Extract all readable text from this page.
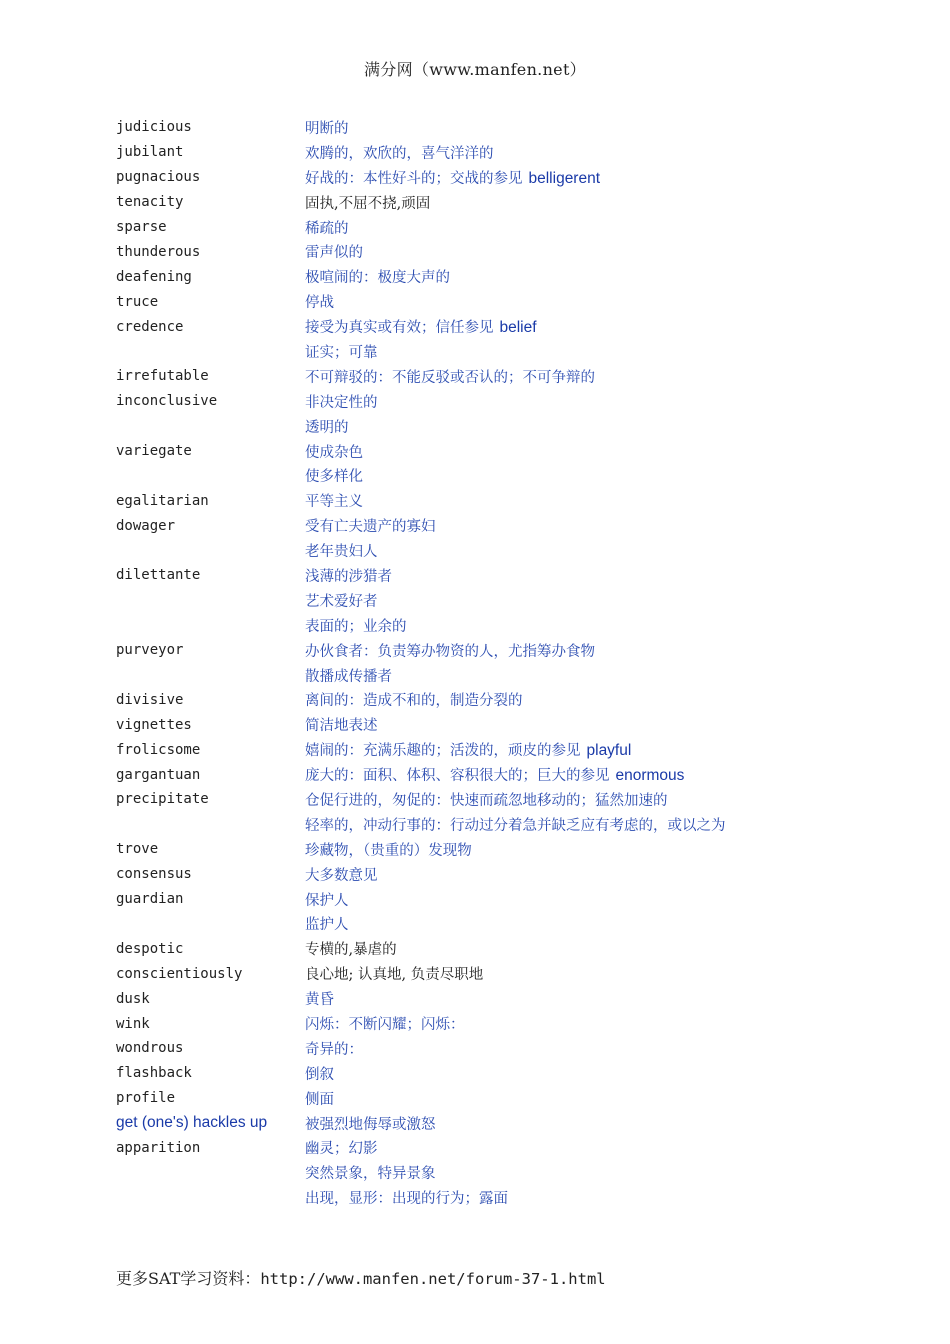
满分网（www.manfen.net）
judicious	明断的
jubilant	欢腾的，欢欣的，喜气洋洋的
pugnacious	好战的：本性好斗的；交战的参见 belligerent
tenacity	固执,不屈不挠,顽固
sparse	稀疏的
thunderous	雷声似的
deafening	极喧闹的：极度大声的
truce	停战
credence	接受为真实或有效；信任参见 belief
证实；可靠
irrefutable	不可辩驳的：不能反驳或否认的；不可争辩的
inconclusive	非决定性的
透明的
variegate	使成杂色
使多样化
egalitarian	平等主义
dowager	受有亡夫遗产的寡妇
老年贵妇人
dilettante	浅薄的涉猎者
艺术爱好者
表面的；业余的
purveyor	办伙食者：负责筹办物资的人，尤指筹办食物
散播成传播者
divisive	离间的：造成不和的，制造分裂的
vignettes	简洁地表述
frolicsome	嬉闹的：充满乐趣的；活泼的，顽皮的参见 playful
gargantuan	庞大的：面积、体积、容积很大的；巨大的参见 enormous
precipitate	仓促行进的，匆促的：快速而疏忽地移动的；猛然加速的
轻率的，冲动行事的：行动过分着急并缺乏应有考虑的，或以之为
trove	珍藏物，（贵重的）发现物
consensus	大多数意见
guardian	保护人
监护人
despotic	专横的,暴虐的
conscientiously	良心地; 认真地, 负责尽职地
dusk	黄昏
wink	闪烁：不断闪耀；闪烁：
wondrous	奇异的：
flashback	倒叙
profile	侧面
get (one's) hackles up	被强烈地侮辱或激怒
apparition	幽灵；幻影
突然景象，特异景象
出现，显形：出现的行为；露面
更多SAT学习资料：http://www.manfen.net/forum-37-1.html
